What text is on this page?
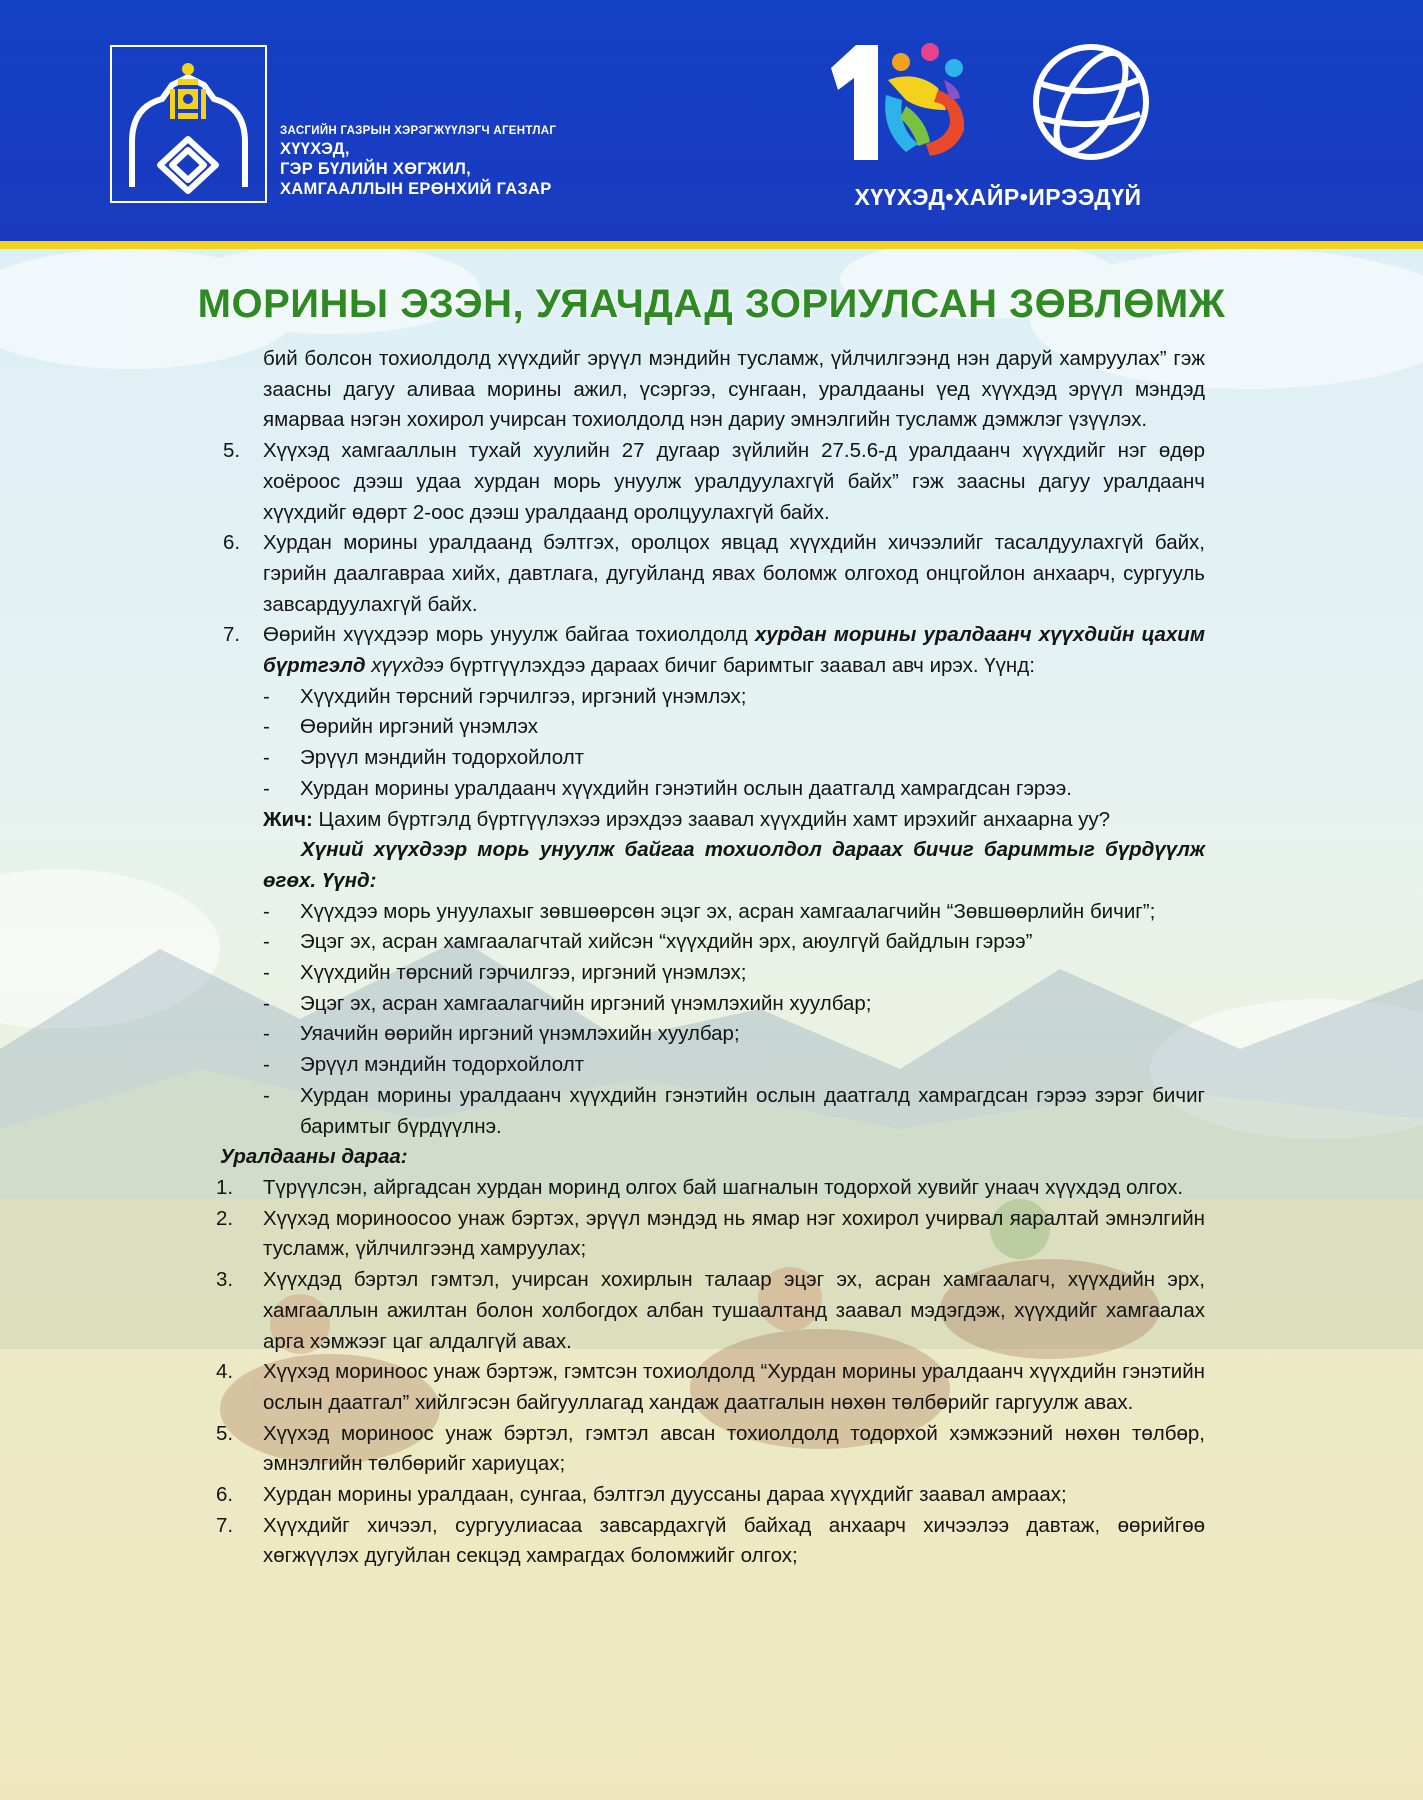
ЗАСГИЙН ГАЗРЫН ХЭРЭГЖҮҮЛЭГЧ АГЕНТЛАГ
ХҮҮХЭД,
ГЭР БҮЛИЙН ХӨГЖИЛ,
ХАМГААЛЛЫН ЕРӨНХИЙ ГАЗАР	ХҮҮХЭД•ХАЙР•ИРЭЭДҮЙ
МОРИНЫ ЭЗЭН, УЯАЧДАД ЗОРИУЛСАН ЗӨВЛӨМЖ

бий болсон тохиолдолд хүүхдийг эрүүл мэндийн тусламж, үйлчилгээнд нэн даруй хамруулах” гэж заасны дагуу аливаа морины ажил, үсэргээ, сунгаан, уралдааны үед хүүхдэд эрүүл мэндэд ямарваа нэгэн хохирол учирсан тохиолдолд нэн дариу эмнэлгийн тусламж дэмжлэг үзүүлэх.

5.	Хүүхэд хамгааллын тухай хуулийн 27 дугаар зүйлийн 27.5.6-д уралдаанч хүүхдийг нэг өдөр хоёроос дээш удаа хурдан морь унуулж уралдуулахгүй байх” гэж заасны дагуу уралдаанч хүүхдийг өдөрт 2-оос дээш уралдаанд оролцуулахгүй байх.

6.	Хурдан морины уралдаанд бэлтгэх, оролцох явцад хүүхдийн хичээлийг тасалдуулахгүй байх, гэрийн даалгавраа хийх, давтлага, дугуйланд явах боломж олгоход онцгойлон анхаарч, сургууль завсардуулахгүй байх.

7.	Өөрийн хүүхдээр морь унуулж байгаа тохиолдолд хурдан морины уралдаанч хүүхдийн цахим бүртгэлд хүүхдээ бүртгүүлэхдээ дараах бичиг баримтыг заавал авч ирэх. Үүнд:

-	Хүүхдийн төрсний гэрчилгээ, иргэний үнэмлэх;

-	Өөрийн иргэний үнэмлэх

-	Эрүүл мэндийн тодорхойлолт

-	Хурдан морины уралдаанч хүүхдийн гэнэтийн ослын даатгалд хамрагдсан гэрээ.

Жич: Цахим бүртгэлд бүртгүүлэхээ ирэхдээ заавал хүүхдийн хамт ирэхийг анхаарна уу?

Хүний хүүхдээр морь унуулж байгаа тохиолдол дараах бичиг баримтыг бүрдүүлж өгөх. Үүнд:

-	Хүүхдээ морь унуулахыг зөвшөөрсөн эцэг эх, асран хамгаалагчийн “Зөвшөөрлийн бичиг”;

-	Эцэг эх, асран хамгаалагчтай хийсэн “хүүхдийн эрх, аюулгүй байдлын гэрээ”

-	Хүүхдийн төрсний гэрчилгээ, иргэний үнэмлэх;

-	Эцэг эх, асран хамгаалагчийн иргэний үнэмлэхийн хуулбар;

-	Уяачийн өөрийн иргэний үнэмлэхийн хуулбар;

-	Эрүүл мэндийн тодорхойлолт

-	Хурдан морины уралдаанч хүүхдийн гэнэтийн ослын даатгалд хамрагдсан гэрээ зэрэг бичиг баримтыг бүрдүүлнэ.

Уралдааны дараа:

1.	Түрүүлсэн, айргадсан хурдан моринд олгох бай шагналын тодорхой хувийг унаач хүүхдэд олгох.

2.	Хүүхэд мориноосоо унаж бэртэх, эрүүл мэндэд нь ямар нэг хохирол учирвал яаралтай эмнэлгийн тусламж, үйлчилгээнд хамруулах;

3.	Хүүхдэд бэртэл гэмтэл, учирсан хохирлын талаар эцэг эх, асран хамгаалагч, хүүхдийн эрх, хамгааллын ажилтан болон холбогдох албан тушаалтанд заавал мэдэгдэж, хүүхдийг хамгаалах арга хэмжээг цаг алдалгүй авах.

4.	Хүүхэд мориноос унаж бэртэж, гэмтсэн тохиолдолд “Хурдан морины уралдаанч хүүхдийн гэнэтийн ослын даатгал” хийлгэсэн байгууллагад хандаж даатгалын нөхөн төлбөрийг гаргуулж авах.

5.	Хүүхэд мориноос унаж бэртэл, гэмтэл авсан тохиолдолд тодорхой хэмжээний нөхөн төлбөр, эмнэлгийн төлбөрийг хариуцах;

6.	Хурдан морины уралдаан, сунгаа, бэлтгэл дууссаны дараа хүүхдийг заавал амраах;

7.	Хүүхдийг хичээл, сургуулиасаа завсардахгүй байхад анхаарч хичээлээ давтаж, өөрийгөө хөгжүүлэх дугуйлан секцэд хамрагдах боломжийг олгох;
